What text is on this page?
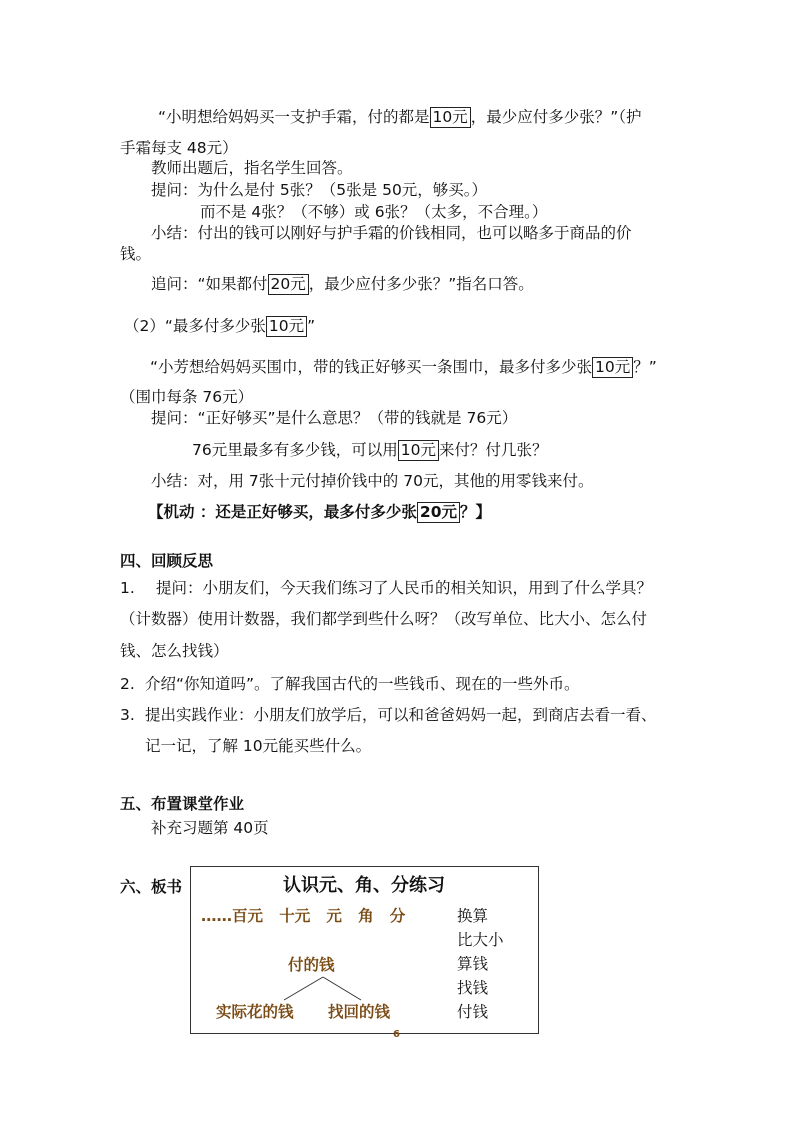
“小明想给妈妈买一支护手霜，付的都是 10元 ，最少应付多少张？”（护
手霜每支 48元）
教师出题后，指名学生回答。
提问：为什么是付 5张？（5张是 50元，够买。）
而不是 4张？（不够）或 6张？（太多，不合理。）
小结：付出的钱可以刚好与护手霜的价钱相同，也可以略多于商品的价
钱。
追问：“如果都付 20元 ，最少应付多少张？”指名口答。
（2）“最多付多少张 10元 ”
“小芳想给妈妈买围巾，带的钱正好够买一条围巾，最多付多少张 10元 ？”
（围巾每条 76元）
提问：“正好够买”是什么意思？（带的钱就是 76元）
76元里最多有多少钱，可以用 10元 来付？付几张？
小结：对，用 7张十元付掉价钱中的 70元，其他的用零钱来付。
【机动 ：还是正好够买，最多付多少张 20元 ？】
四、回顾反思
1. 提问：小朋友们，今天我们练习了人民币的相关知识，用到了什么学具？
（计数器）使用计数器，我们都学到些什么呀？（改写单位、比大小、怎么付
钱、怎么找钱）
2. 介绍“你知道吗”。了解我国古代的一些钱币、现在的一些外币。
3. 提出实践作业：小朋友们放学后，可以和爸爸妈妈一起，到商店去看一看、
记一记，了解 10元能买些什么。
五、布置课堂作业
补充习题第 40页
六、板书	认识元、角、分练习
……百元   十元   元   角   分
付的钱
实际花的钱 找回的钱
换算
比大小
算钱
找钱
付钱
6
